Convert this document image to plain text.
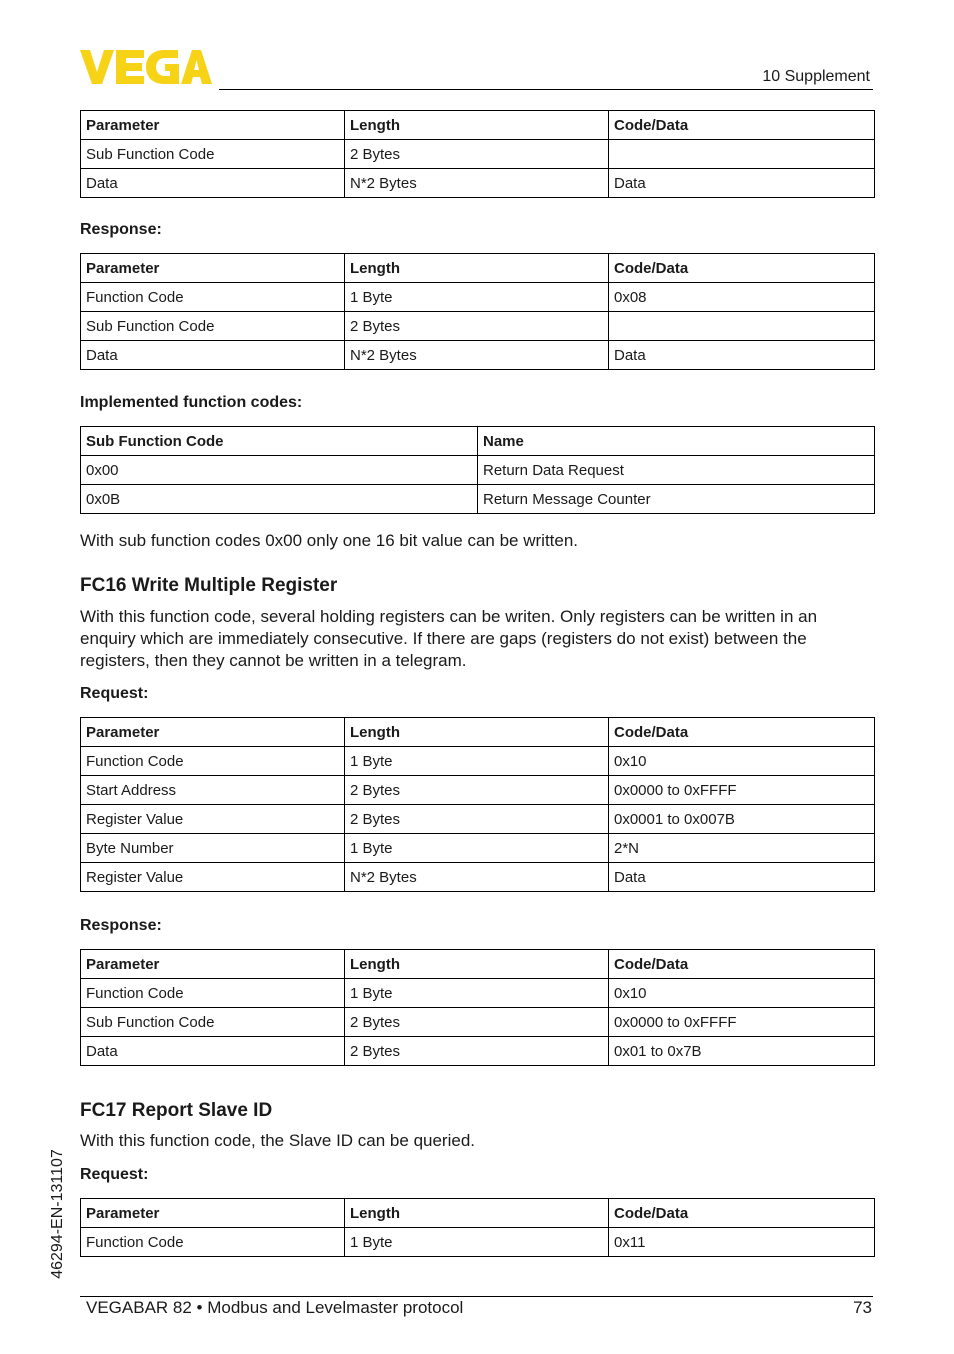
10 Supplement
Parameter	Length	Code/Data
Sub Function Code	2 Bytes	
Data	N*2 Bytes	Data
Response:
Parameter	Length	Code/Data
Function Code	1 Byte	0x08
Sub Function Code	2 Bytes	
Data	N*2 Bytes	Data
Implemented function codes:
Sub Function Code	Name
0x00	Return Data Request
0x0B	Return Message Counter
With sub function codes 0x00 only one 16 bit value can be written.
FC16 Write Multiple Register
With this function code, several holding registers can be writen. Only registers can be written in an enquiry which are immediately consecutive. If there are gaps (registers do not exist) between the registers, then they cannot be written in a telegram.
Request:
Parameter	Length	Code/Data
Function Code	1 Byte	0x10
Start Address	2 Bytes	0x0000 to 0xFFFF
Register Value	2 Bytes	0x0001 to 0x007B
Byte Number	1 Byte	2*N
Register Value	N*2 Bytes	Data
Response:
Parameter	Length	Code/Data
Function Code	1 Byte	0x10
Sub Function Code	2 Bytes	0x0000 to 0xFFFF
Data	2 Bytes	0x01 to 0x7B
FC17 Report Slave ID
With this function code, the Slave ID can be queried.
Request:
Parameter	Length	Code/Data
Function Code	1 Byte	0x11
46294-EN-131107
VEGABAR 82 • Modbus and Levelmaster protocol	73
